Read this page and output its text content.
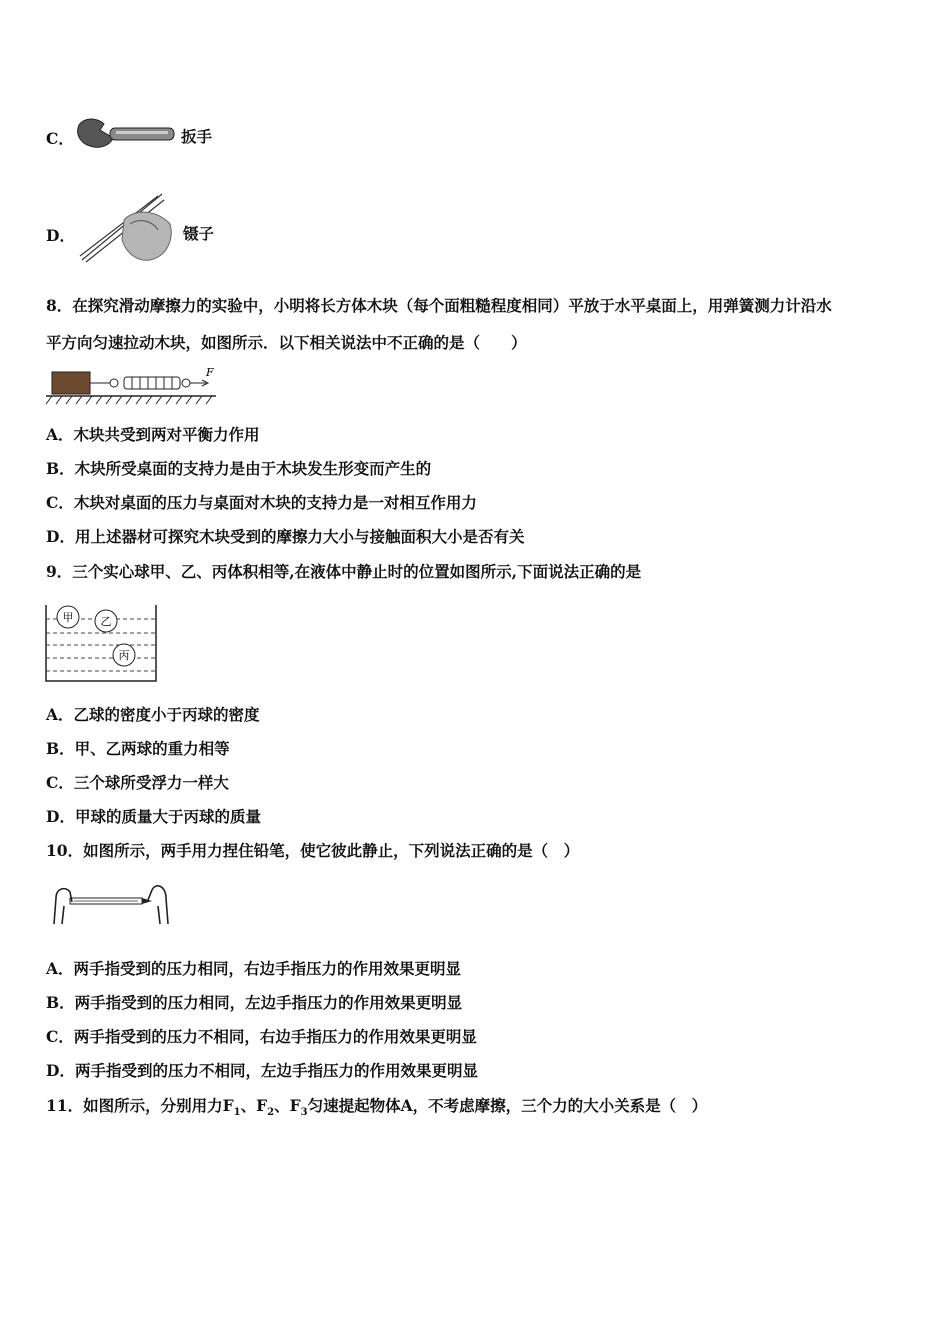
C．	扳手
D．	镊子
8．在探究滑动摩擦力的实验中，小明将长方体木块（每个面粗糙程度相同）平放于水平桌面上，用弹簧测力计沿水
平方向匀速拉动木块，如图所示．以下相关说法中不正确的是（　　）
F
A．木块共受到两对平衡力作用
B．木块所受桌面的支持力是由于木块发生形变而产生的
C．木块对桌面的压力与桌面对木块的支持力是一对相互作用力
D．用上述器材可探究木块受到的摩擦力大小与接触面积大小是否有关
9．三个实心球甲、乙、丙体积相等,在液体中静止时的位置如图所示,下面说法正确的是
甲 乙
丙
A．乙球的密度小于丙球的密度
B．甲、乙两球的重力相等
C．三个球所受浮力一样大
D．甲球的质量大于丙球的质量
10．如图所示，两手用力捏住铅笔，使它彼此静止，下列说法正确的是（　）
A．两手指受到的压力相同，右边手指压力的作用效果更明显
B．两手指受到的压力相同，左边手指压力的作用效果更明显
C．两手指受到的压力不相同，右边手指压力的作用效果更明显
D．两手指受到的压力不相同，左边手指压力的作用效果更明显
11．如图所示，分别用力$F_1$、$F_2$、$F_3$匀速提起物体A，不考虑摩擦，三个力的大小关系是（　）
